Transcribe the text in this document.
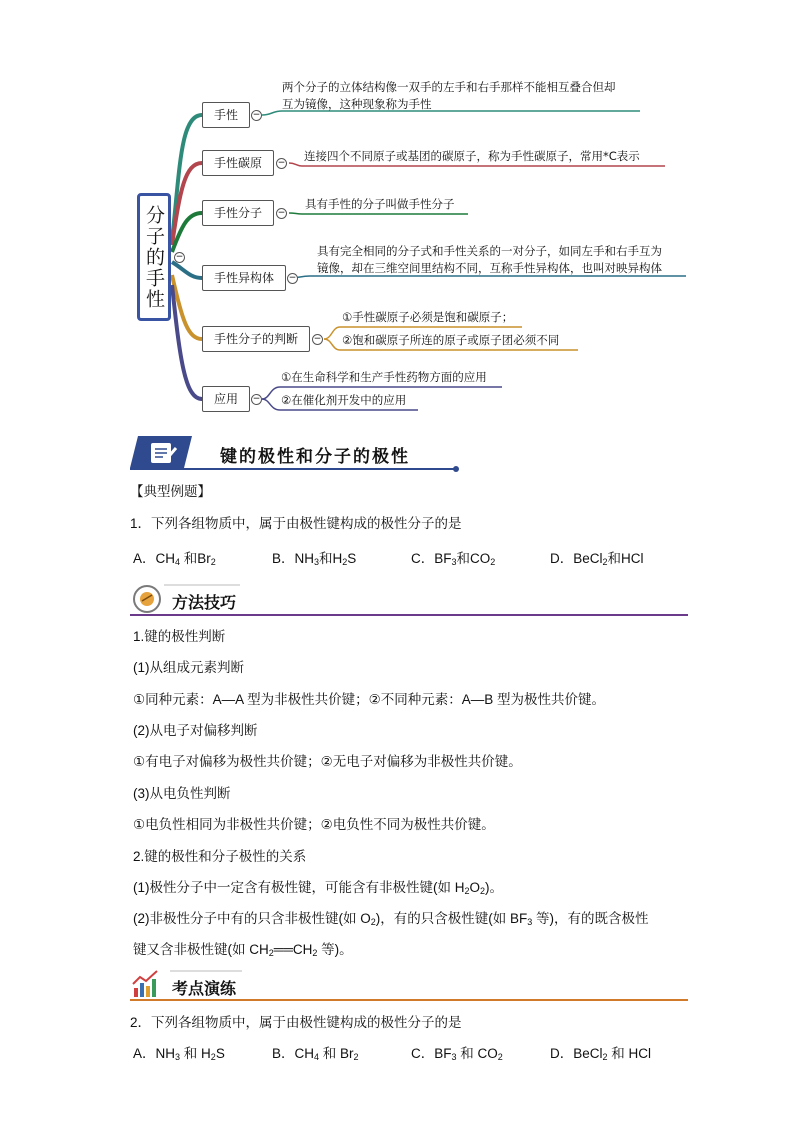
分子的手性	−
手性	−
两个分子的立体结构像一双手的左手和右手那样不能相互叠合但却
互为镜像，这种现象称为手性
手性碳原	− 连接四个不同原子或基团的碳原子，称为手性碳原子，常用*C表示
手性分子	−
具有手性的分子叫做手性分子
手性异构体	−
具有完全相同的分子式和手性关系的一对分子，如同左手和右手互为
镜像，却在三维空间里结构不同，互称手性异构体，也叫对映异构体
手性分子的判断	−
①手性碳原子必须是饱和碳原子；
②饱和碳原子所连的原子或原子团必须不同
应用	−
①在生命科学和生产手性药物方面的应用
②在催化剂开发中的应用
键的极性和分子的极性
【典型例题】
1．下列各组物质中，属于由极性键构成的极性分子的是
A．$CH_4$ 和$Br_2$	B．$NH_3$和$H_2S$	C．$BF_3$和$CO_2$	D．BeCl$_2$和HCl
方法技巧
1.键的极性判断
(1)从组成元素判断
①同种元素：A—A 型为非极性共价键；②不同种元素：A—B 型为极性共价键。
(2)从电子对偏移判断
①有电子对偏移为极性共价键；②无电子对偏移为非极性共价键。
(3)从电负性判断
①电负性相同为非极性共价键；②电负性不同为极性共价键。
2.键的极性和分子极性的关系
(1)极性分子中一定含有极性键，可能含有非极性键(如 $H_2O_2$)。
(2)非极性分子中有的只含非极性键(如 $O_2$)，有的只含极性键(如 $BF_3$ 等)，有的既含极性
键又含非极性键(如 $CH_2══CH_2$ 等)。
考点演练
2．下列各组物质中，属于由极性键构成的极性分子的是
A．$NH_3$ 和 $H_2S$	B．$CH_4$ 和 $Br_2$	C．$BF_3$ 和 $CO_2$	D．BeCl$_2$ 和 HCl
